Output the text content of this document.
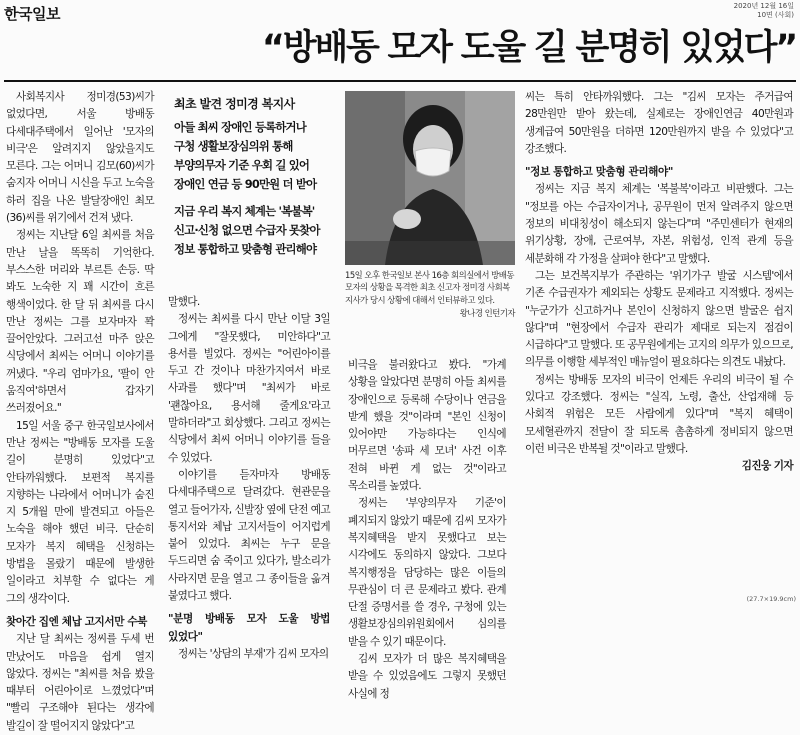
한국일보	2020년 12월 16일
10면 (사회)
“방배동 모자 도울 길 분명히 있었다”

사회복지사 정미경(53)씨가 없었다면, 서울 방배동 다세대주택에서 일어난 '모자의 비극'은 알려지지 않았을지도 모른다. 그는 어머니 김모(60)씨가 숨지자 어머니 시신을 두고 노숙을 하러 집을 나온 발달장애인 최모(36)씨를 위기에서 건져 냈다.

정씨는 지난달 6일 최씨를 처음 만난 날을 똑똑히 기억한다. 부스스한 머리와 부르튼 손등. 딱 봐도 노숙한 지 꽤 시간이 흐른 행색이었다. 한 달 뒤 최씨를 다시 만난 정씨는 그를 보자마자 꽉 끌어안았다. 그러고선 마주 앉은 식당에서 최씨는 어머니 이야기를 꺼냈다. "우리 엄마가요, '팔이 안 움직여'하면서 갑자기 쓰러졌어요."

15일 서울 중구 한국일보사에서 만난 정씨는 "방배동 모자를 도울 길이 분명히 있었다"고 안타까워했다. 보편적 복지를 지향하는 나라에서 어머니가 숨진 지 5개월 만에 발견되고 아들은 노숙을 해야 했던 비극. 단순히 모자가 복지 혜택을 신청하는 방법을 몰랐기 때문에 발생한 일이라고 치부할 수 없다는 게 그의 생각이다.

찾아간 집엔 체납 고지서만 수북

지난 달 최씨는 정씨를 두세 번 만났어도 마음을 쉽게 열지 않았다. 정씨는 "최씨를 처음 봤을 때부터 어린아이로 느꼈었다"며 "빨리 구조해야 된다는 생각에 발길이 잘 떨어지지 않았다"고

최초 발견 정미경 복지사
아들 최씨 장애인 등록하거나
구청 생활보장심의위 통해
부양의무자 기준 우회 길 있어
장애인 연금 등 90만원 더 받아
지금 우리 복지 체계는 '복불복'
신고·신청 없으면 수급자 못찾아
정보 통합하고 맞춤형 관리해야
15일 오후 한국일보 본사 16층 회의실에서 방배동 모자의 상황을 목격한 최초 신고자 정미경 사회복지사가 당시 상황에 대해서 인터뷰하고 있다.
왕나경 인턴기자

말했다.

정씨는 최씨를 다시 만난 이달 3일 그에게 "잘못했다, 미안하다"고 용서를 빌었다. 정씨는 "어린아이를 두고 간 것이나 마찬가지여서 바로 사과를 했다"며 "최씨가 바로 '괜찮아요, 용서해 줄게요'라고 말하더라"고 회상했다. 그리고 정씨는 식당에서 최씨 어머니 이야기를 들을 수 있었다.

이야기를 듣자마자 방배동 다세대주택으로 달려갔다. 현관문을 열고 들어가자, 신발장 옆에 단전 예고 통지서와 체납 고지서들이 어지럽게 붙어 있었다. 최씨는 누구 문을 두드리면 숨 죽이고 있다가, 발소리가 사라지면 문을 열고 그 종이들을 옮겨 붙였다고 했다.

"분명 방배동 모자 도울 방법 있었다"

정씨는 '상담의 부재'가 김씨 모자의

비극을 불러왔다고 봤다. "가계 상황을 알았다면 분명히 아들 최씨를 장애인으로 등록해 수당이나 연금을 받게 했을 것"이라며 "본인 신청이 있어야만 가능하다는 인식에 머무르면 '송파 세 모녀' 사건 이후 전혀 바뀐 게 없는 것"이라고 목소리를 높였다.

정씨는 '부양의무자 기준'이 폐지되지 않았기 때문에 김씨 모자가 복지혜택을 받지 못했다고 보는 시각에도 동의하지 않았다. 그보다 복지행정을 담당하는 많은 이들의 무관심이 더 큰 문제라고 봤다. 관계 단절 증명서를 쓸 경우, 구청에 있는 생활보장심의위원회에서 심의를 받을 수 있기 때문이다.

김씨 모자가 더 많은 복지혜택을 받을 수 있었음에도 그렇지 못했던 사실에 정

씨는 특히 안타까워했다. 그는 "김씨 모자는 주거급여 28만원만 받아 왔는데, 실제로는 장애인연금 40만원과 생계급여 50만원을 더하면 120만원까지 받을 수 있었다"고 강조했다.

"정보 통합하고 맞춤형 관리해야"

정씨는 지금 복지 체계는 '복불복'이라고 비판했다. 그는 "정보를 아는 수급자이거나, 공무원이 먼저 알려주지 않으면 정보의 비대칭성이 해소되지 않는다"며 "주민센터가 현재의 위기상황, 장애, 근로여부, 자본, 위험성, 인적 관계 등을 세분화해 각 가정을 살펴야 한다"고 말했다.

그는 보건복지부가 주관하는 '위기가구 발굴 시스템'에서 기존 수급권자가 제외되는 상황도 문제라고 지적했다. 정씨는 "누군가가 신고하거나 본인이 신청하지 않으면 발굴은 쉽지 않다"며 "현장에서 수급자 관리가 제대로 되는지 점검이 시급하다"고 말했다. 또 공무원에게는 고지의 의무가 있으므로, 의무를 이행할 세부적인 매뉴얼이 필요하다는 의견도 내놨다.

정씨는 방배동 모자의 비극이 언제든 우리의 비극이 될 수 있다고 강조했다. 정씨는 "실직, 노령, 출산, 산업재해 등 사회적 위험은 모든 사람에게 있다"며 "복지 혜택이 모세혈관까지 전달이 잘 되도록 촘촘하게 정비되지 않으면 이런 비극은 반복될 것"이라고 말했다.

김진웅 기자

(27.7×19.9cm)
